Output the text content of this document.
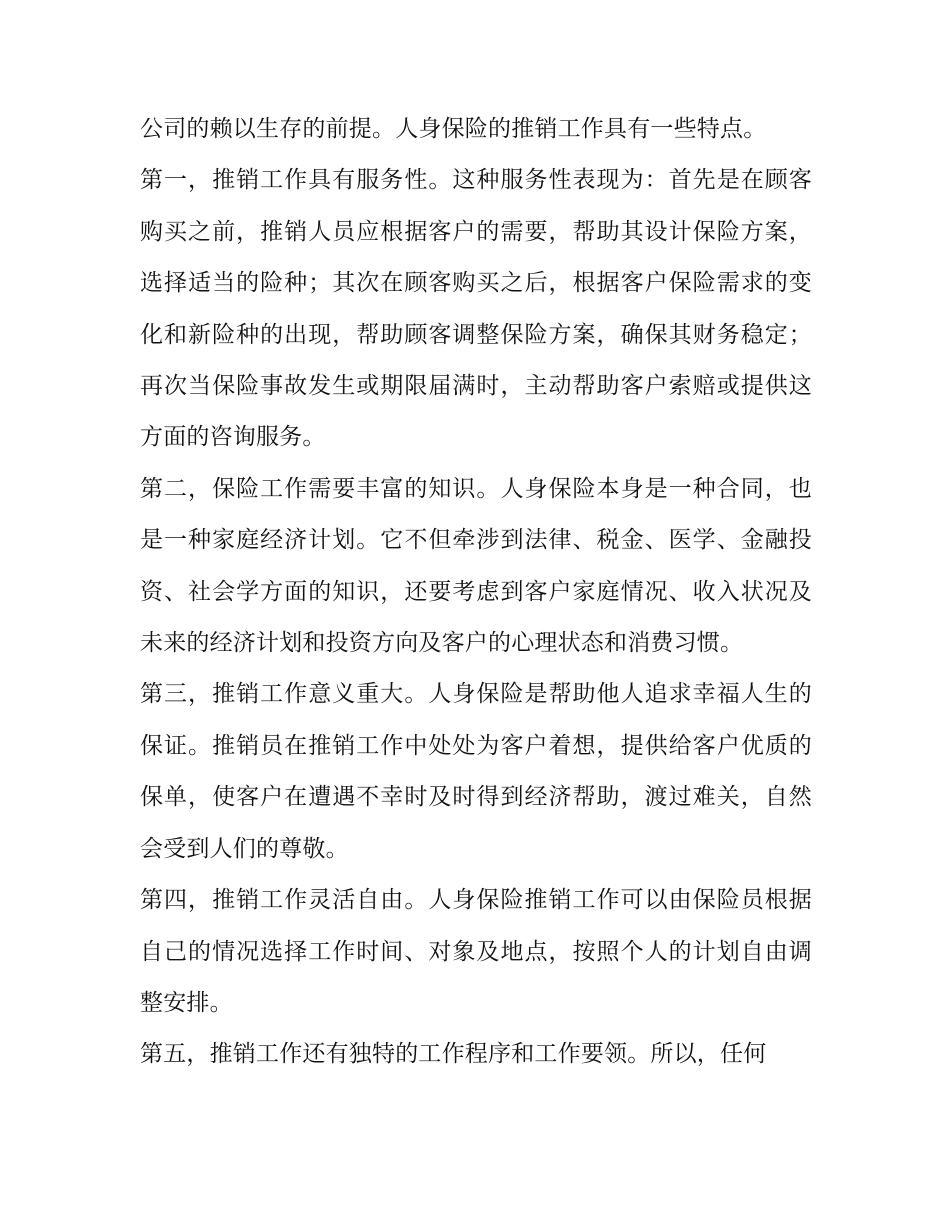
公司的赖以生存的前提。人身保险的推销工作具有一些特点。

第一，推销工作具有服务性。这种服务性表现为：首先是在顾客购买之前，推销人员应根据客户的需要，帮助其设计保险方案，选择适当的险种；其次在顾客购买之后，根据客户保险需求的变化和新险种的出现，帮助顾客调整保险方案，确保其财务稳定；再次当保险事故发生或期限届满时，主动帮助客户索赔或提供这方面的咨询服务。

第二，保险工作需要丰富的知识。人身保险本身是一种合同，也是一种家庭经济计划。它不但牵涉到法律、税金、医学、金融投资、社会学方面的知识，还要考虑到客户家庭情况、收入状况及未来的经济计划和投资方向及客户的心理状态和消费习惯。

第三，推销工作意义重大。人身保险是帮助他人追求幸福人生的保证。推销员在推销工作中处处为客户着想，提供给客户优质的保单，使客户在遭遇不幸时及时得到经济帮助，渡过难关，自然会受到人们的尊敬。

第四，推销工作灵活自由。人身保险推销工作可以由保险员根据自己的情况选择工作时间、对象及地点，按照个人的计划自由调整安排。

第五，推销工作还有独特的工作程序和工作要领。所以，任何
